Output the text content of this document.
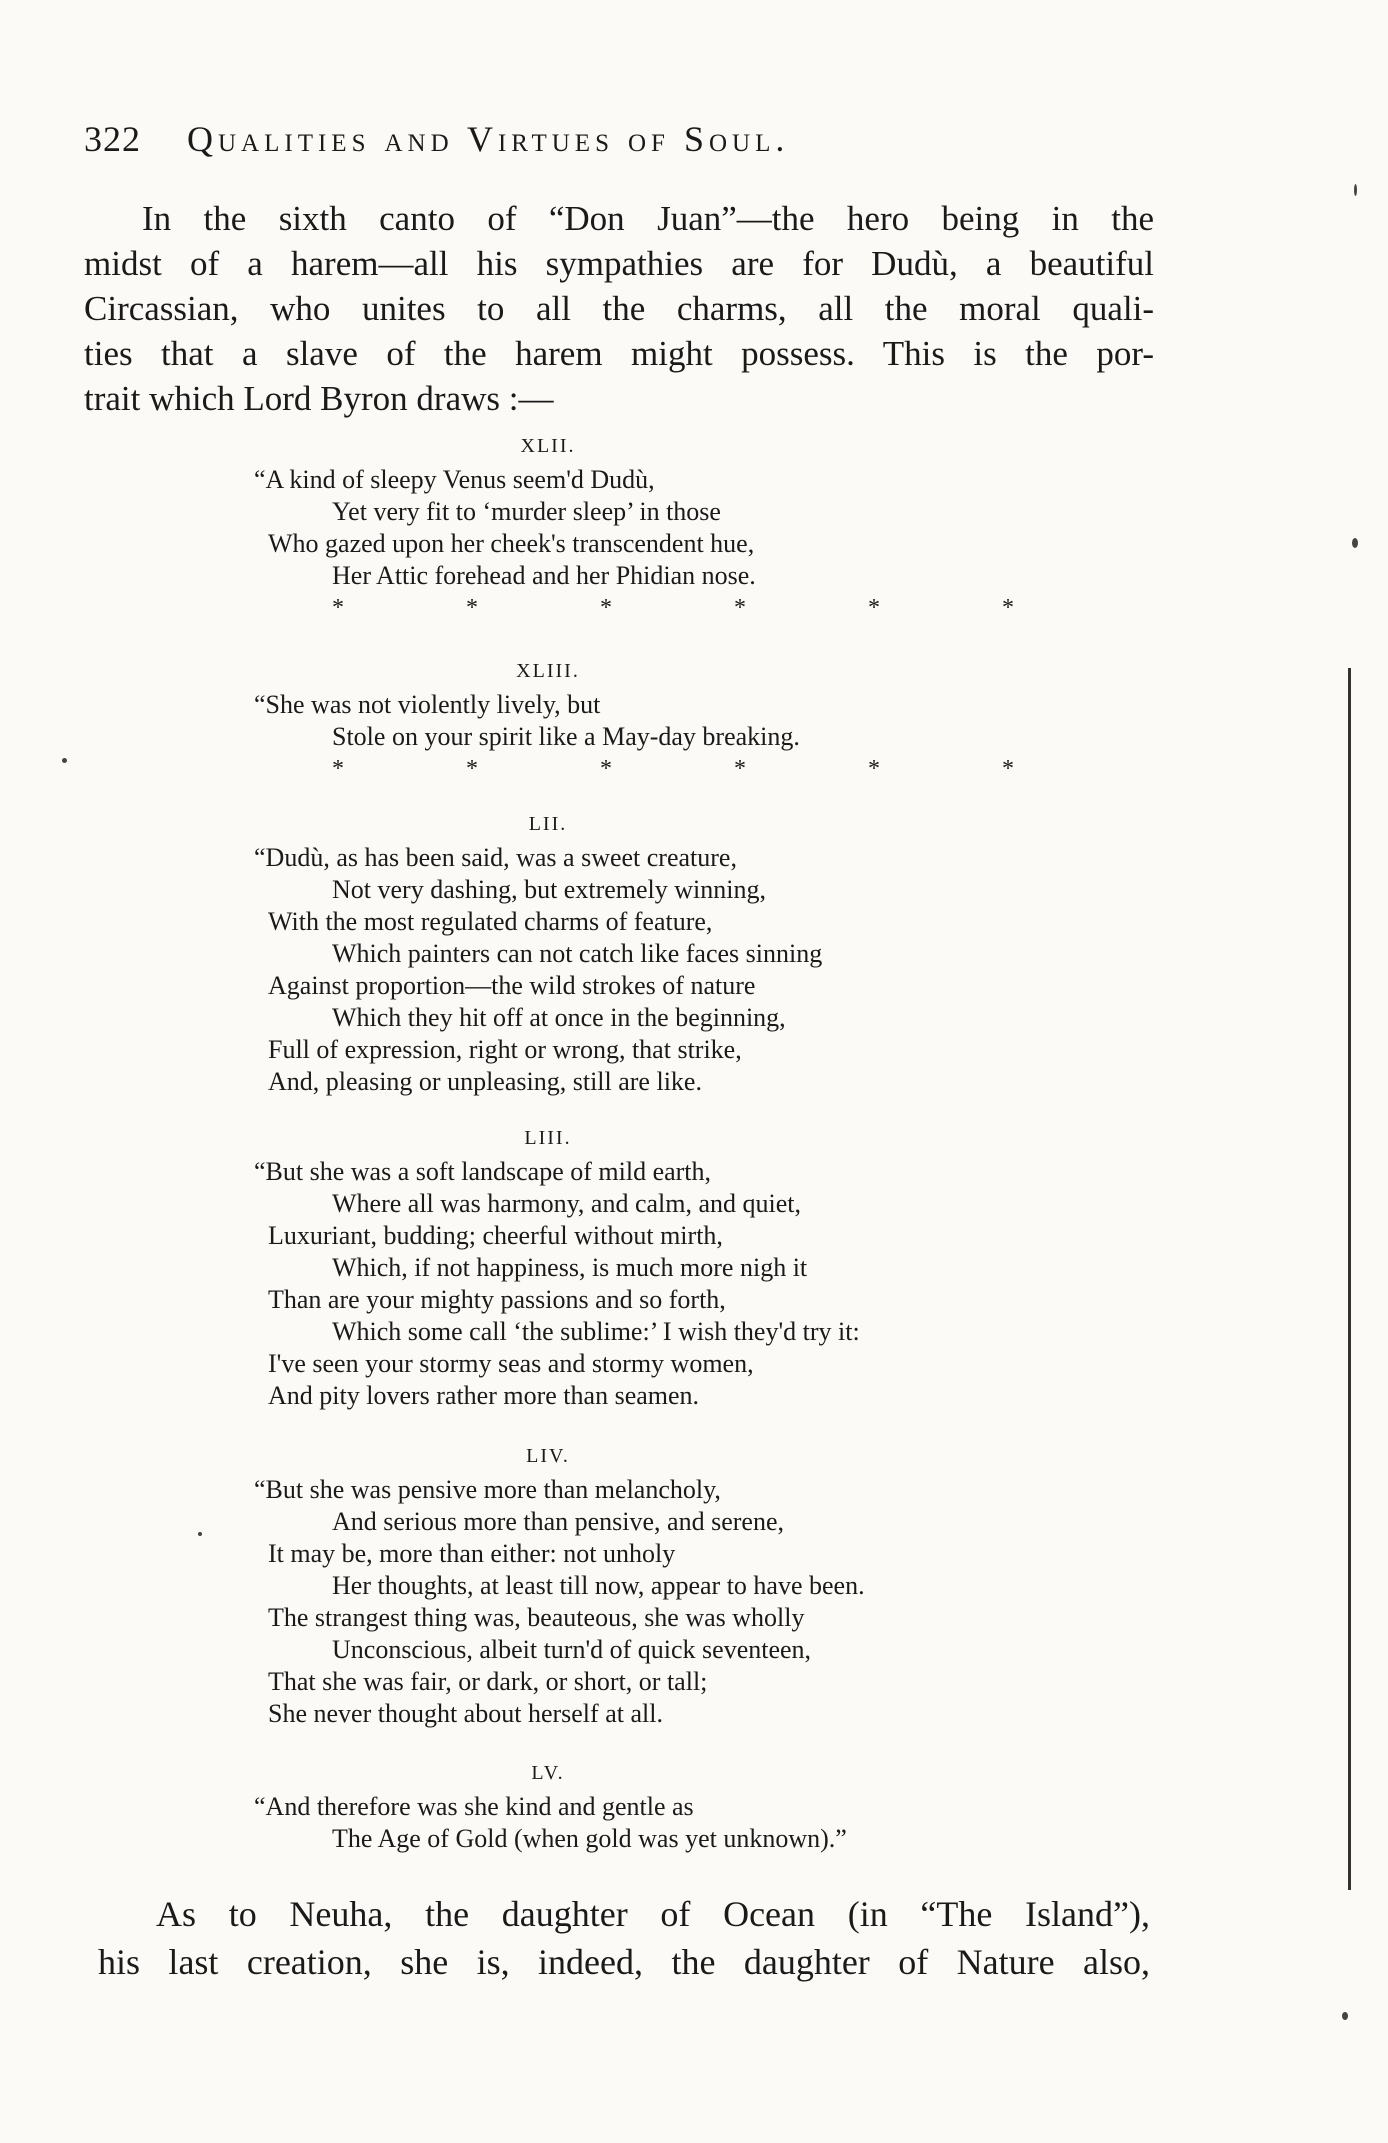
322 Qualities and Virtues of Soul.
In the sixth canto of “Don Juan”—the hero being in the
midst of a harem—all his sympathies are for Dudù, a beautiful
Circassian, who unites to all the charms, all the moral quali-
ties that a slave of the harem might possess. This is the por-
trait which Lord Byron draws :—
XLII.
“A kind of sleepy Venus seem'd Dudù,
Yet very fit to ‘murder sleep’ in those
Who gazed upon her cheek's transcendent hue,
Her Attic forehead and her Phidian nose.
* * * * * *
XLIII.
“She was not violently lively, but
Stole on your spirit like a May-day breaking.
* * * * * *
LII.
“Dudù, as has been said, was a sweet creature,
Not very dashing, but extremely winning,
With the most regulated charms of feature,
Which painters can not catch like faces sinning
Against proportion—the wild strokes of nature
Which they hit off at once in the beginning,
Full of expression, right or wrong, that strike,
And, pleasing or unpleasing, still are like.
LIII.
“But she was a soft landscape of mild earth,
Where all was harmony, and calm, and quiet,
Luxuriant, budding; cheerful without mirth,
Which, if not happiness, is much more nigh it
Than are your mighty passions and so forth,
Which some call ‘the sublime:’ I wish they'd try it:
I've seen your stormy seas and stormy women,
And pity lovers rather more than seamen.
LIV.
“But she was pensive more than melancholy,
And serious more than pensive, and serene,
It may be, more than either: not unholy
Her thoughts, at least till now, appear to have been.
The strangest thing was, beauteous, she was wholly
Unconscious, albeit turn'd of quick seventeen,
That she was fair, or dark, or short, or tall;
She never thought about herself at all.
LV.
“And therefore was she kind and gentle as
The Age of Gold (when gold was yet unknown).”
As to Neuha, the daughter of Ocean (in “The Island”),
his last creation, she is, indeed, the daughter of Nature also,
